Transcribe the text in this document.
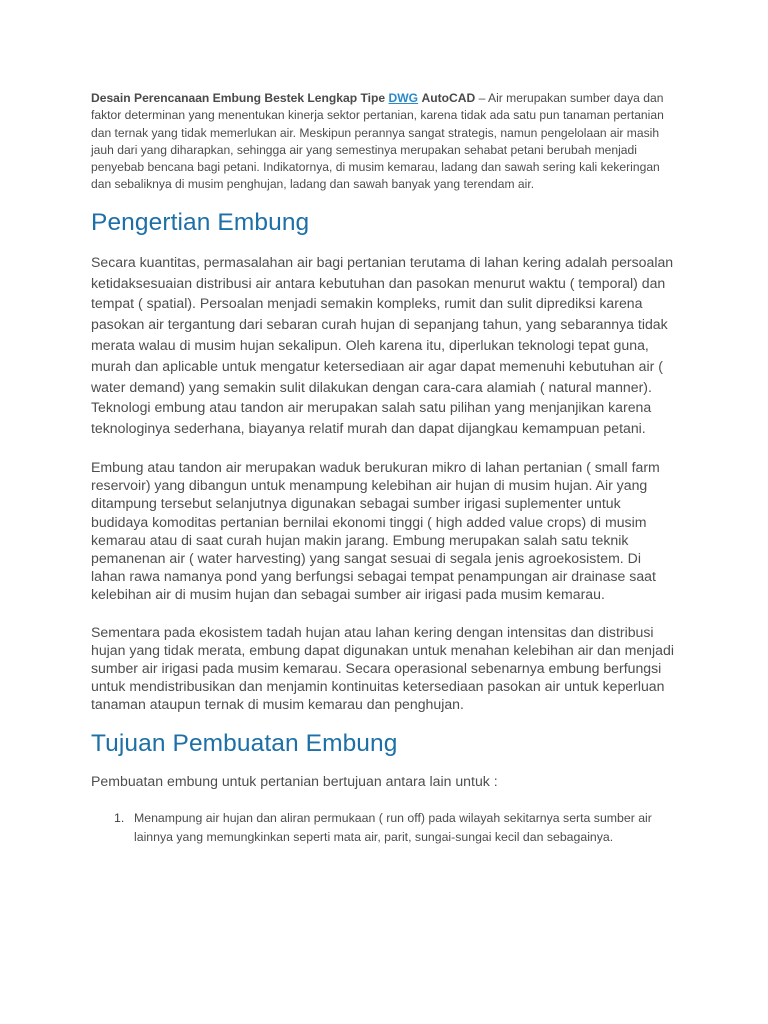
Desain Perencanaan Embung Bestek Lengkap Tipe DWG AutoCAD – Air merupakan sumber daya dan faktor determinan yang menentukan kinerja sektor pertanian, karena tidak ada satu pun tanaman pertanian dan ternak yang tidak memerlukan air. Meskipun perannya sangat strategis, namun pengelolaan air masih jauh dari yang diharapkan, sehingga air yang semestinya merupakan sehabat petani berubah menjadi penyebab bencana bagi petani. Indikatornya, di musim kemarau, ladang dan sawah sering kali kekeringan dan sebaliknya di musim penghujan, ladang dan sawah banyak yang terendam air.

Pengertian Embung

Secara kuantitas, permasalahan air bagi pertanian terutama di lahan kering adalah persoalan ketidaksesuaian distribusi air antara kebutuhan dan pasokan menurut waktu ( temporal) dan tempat ( spatial). Persoalan menjadi semakin kompleks, rumit dan sulit diprediksi karena pasokan air tergantung dari sebaran curah hujan di sepanjang tahun, yang sebarannya tidak merata walau di musim hujan sekalipun. Oleh karena itu, diperlukan teknologi tepat guna, murah dan aplicable untuk mengatur ketersediaan air agar dapat memenuhi kebutuhan air ( water demand) yang semakin sulit dilakukan dengan cara-cara alamiah ( natural manner). Teknologi embung atau tandon air merupakan salah satu pilihan yang menjanjikan karena teknologinya sederhana, biayanya relatif murah dan dapat dijangkau kemampuan petani.

Embung atau tandon air merupakan waduk berukuran mikro di lahan pertanian ( small farm reservoir) yang dibangun untuk menampung kelebihan air hujan di musim hujan. Air yang ditampung tersebut selanjutnya digunakan sebagai sumber irigasi suplementer untuk budidaya komoditas pertanian bernilai ekonomi tinggi ( high added value crops) di musim kemarau atau di saat curah hujan makin jarang. Embung merupakan salah satu teknik pemanenan air ( water harvesting) yang sangat sesuai di segala jenis agroekosistem. Di lahan rawa namanya pond yang berfungsi sebagai tempat penampungan air drainase saat kelebihan air di musim hujan dan sebagai sumber air irigasi pada musim kemarau.

Sementara pada ekosistem tadah hujan atau lahan kering dengan intensitas dan distribusi hujan yang tidak merata, embung dapat digunakan untuk menahan kelebihan air dan menjadi sumber air irigasi pada musim kemarau. Secara operasional sebenarnya embung berfungsi untuk mendistribusikan dan menjamin kontinuitas ketersediaan pasokan air untuk keperluan tanaman ataupun ternak di musim kemarau dan penghujan.

Tujuan Pembuatan Embung

Pembuatan embung untuk pertanian bertujuan antara lain untuk :

1. Menampung air hujan dan aliran permukaan ( run off) pada wilayah sekitarnya serta sumber air lainnya yang memungkinkan seperti mata air, parit, sungai-sungai kecil dan sebagainya.
